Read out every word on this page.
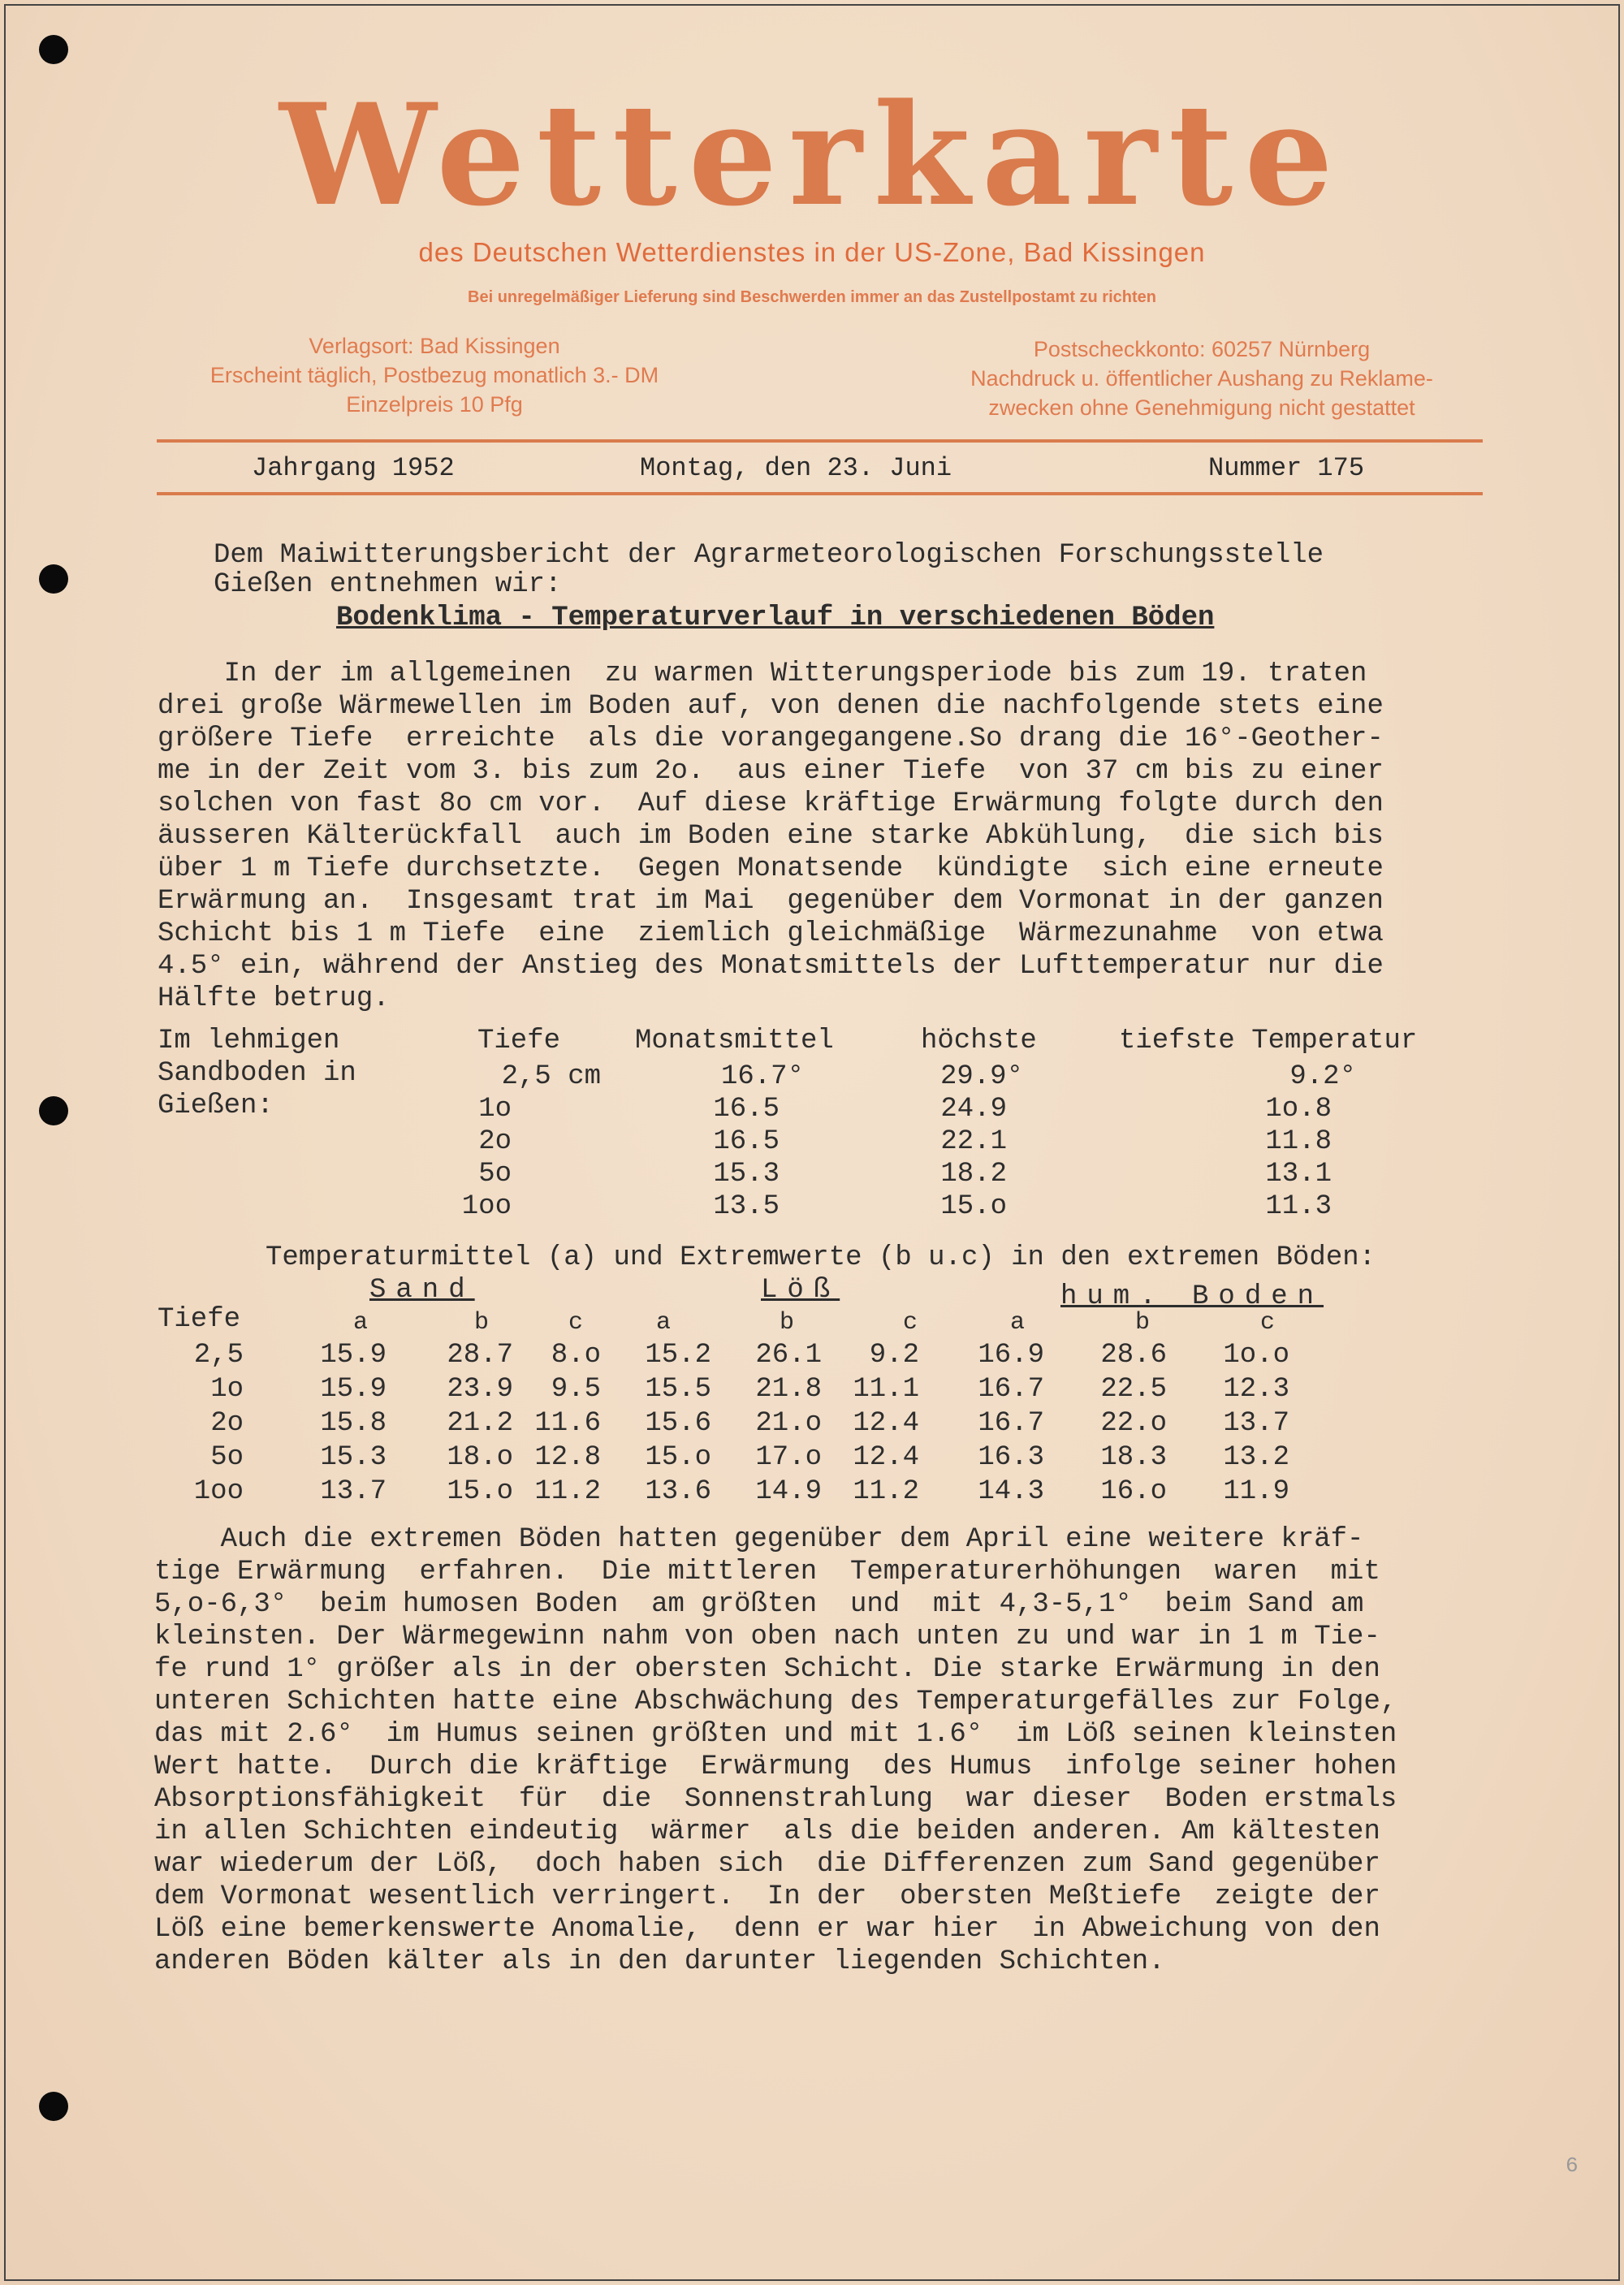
Wetterkarte
des Deutschen Wetterdienstes in der US-Zone, Bad Kissingen
Bei unregelmäßiger Lieferung sind Beschwerden immer an das Zustellpostamt zu richten
Verlagsort: Bad Kissingen
Erscheint täglich, Postbezug monatlich 3.- DM
Einzelpreis 10 Pfg
Postscheckkonto: 60257 Nürnberg
Nachdruck u. öffentlicher Aushang zu Reklame-
zwecken ohne Genehmigung nicht gestattet
Jahrgang 1952	Montag, den 23. Juni	Nummer 175
Dem Maiwitterungsbericht der Agrarmeteorologischen Forschungsstelle
Gießen entnehmen wir:
Bodenklima - Temperaturverlauf in verschiedenen Böden
In der im allgemeinen  zu warmen Witterungsperiode bis zum 19. traten
drei große Wärmewellen im Boden auf, von denen die nachfolgende stets eine
größere Tiefe  erreichte  als die vorangegangene.So drang die 16°-Geother-
me in der Zeit vom 3. bis zum 2o.  aus einer Tiefe  von 37 cm bis zu einer
solchen von fast 8o cm vor.  Auf diese kräftige Erwärmung folgte durch den
äusseren Kälterückfall  auch im Boden eine starke Abkühlung,  die sich bis
über 1 m Tiefe durchsetzte.  Gegen Monatsende  kündigte  sich eine erneute
Erwärmung an.  Insgesamt trat im Mai  gegenüber dem Vormonat in der ganzen
Schicht bis 1 m Tiefe  eine  ziemlich gleichmäßige  Wärmezunahme  von etwa
4.5° ein, während der Anstieg des Monatsmittels der Lufttemperatur nur die
Hälfte betrug.
Im lehmigen
Sandboden in
Gießen:
Tiefe	Monatsmittel	höchste	tiefste Temperatur
2,5 cm	16.7°	29.9°	9.2°
1o	16.5	24.9	1o.8
2o	16.5	22.1	11.8
5o	15.3	18.2	13.1
1oo	13.5	15.o	11.3
Temperaturmittel (a) und Extremwerte (b u.c) in den extremen Böden:
Sand	Löß	hum. Boden
Tiefe	a	b	c	a	b	c	a	b	c
2,5	15.9	28.7	8.o	15.2	26.1	9.2	16.9	28.6	1o.o
1o	15.9	23.9	9.5	15.5	21.8	11.1	16.7	22.5	12.3
2o	15.8	21.2 11.6	15.6	21.o	12.4	16.7	22.o	13.7
5o	15.3	18.o 12.8	15.o	17.o	12.4	16.3	18.3	13.2
1oo	13.7	15.o 11.2	13.6	14.9	11.2	14.3	16.o	11.9
Auch die extremen Böden hatten gegenüber dem April eine weitere kräf-
tige Erwärmung  erfahren.  Die mittleren  Temperaturerhöhungen  waren  mit
5,o-6,3°  beim humosen Boden  am größten  und  mit 4,3-5,1°  beim Sand am
kleinsten. Der Wärmegewinn nahm von oben nach unten zu und war in 1 m Tie-
fe rund 1° größer als in der obersten Schicht. Die starke Erwärmung in den
unteren Schichten hatte eine Abschwächung des Temperaturgefälles zur Folge,
das mit 2.6°  im Humus seinen größten und mit 1.6°  im Löß seinen kleinsten
Wert hatte.  Durch die kräftige  Erwärmung  des Humus  infolge seiner hohen
Absorptionsfähigkeit  für  die  Sonnenstrahlung  war dieser  Boden erstmals
in allen Schichten eindeutig  wärmer  als die beiden anderen. Am kältesten
war wiederum der Löß,  doch haben sich  die Differenzen zum Sand gegenüber
dem Vormonat wesentlich verringert.  In der  obersten Meßtiefe  zeigte der
Löß eine bemerkenswerte Anomalie,  denn er war hier  in Abweichung von den
anderen Böden kälter als in den darunter liegenden Schichten.
6
